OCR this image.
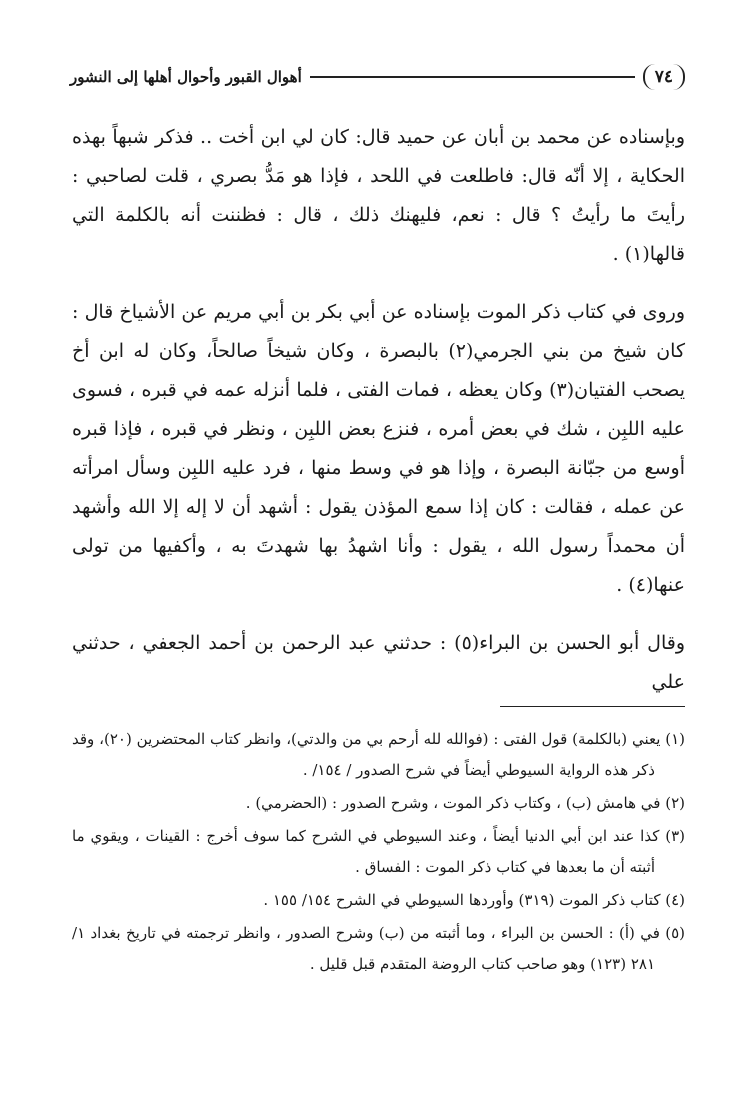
٧٤
أهوال القبور وأحوال أهلها إلى النشور

وبإسناده عن محمد بن أبان عن حميد قال: كان لي ابن أخت .. فذكر شبهاً بهذه الحكاية ، إلا أنّه قال: فاطلعت في اللحد ، فإذا هو مَدُّ بصري ، قلت لصاحبي : رأيتَ ما رأيتُ ؟ قال : نعم، فليهنك ذلك ، قال : فظننت أنه بالكلمة التي قالها(١) .

وروى في كتاب ذكر الموت بإسناده عن أبي بكر بن أبي مريم عن الأشياخ قال : كان شيخ من بني الجرمي(٢) بالبصرة ، وكان شيخاً صالحاً، وكان له ابن أخ يصحب الفتيان(٣) وكان يعظه ، فمات الفتى ، فلما أنزله عمه في قبره ، فسوى عليه اللبِن ، شك في بعض أمره ، فنزع بعض اللبِن ، ونظر في قبره ، فإذا قبره أوسع من جبّانة البصرة ، وإذا هو في وسط منها ، فرد عليه اللبِن وسأل امرأته عن عمله ، فقالت : كان إذا سمع المؤذن يقول : أشهد أن لا إله إلا الله وأشهد أن محمداً رسول الله ، يقول : وأنا اشهدُ بها شهدتَ به ، وأكفيها من تولى عنها(٤) .

وقال أبو الحسن بن البراء(٥) : حدثني عبد الرحمن بن أحمد الجعفي ، حدثني علي

(١) يعني (بالكلمة) قول الفتى : (فوالله لله أرحم بي من والدتي)، وانظر كتاب المحتضرين (٢٠)، وقد ذكر هذه الرواية السيوطي أيضاً في شرح الصدور / ١٥٤/ .

(٢) في هامش (ب) ، وكتاب ذكر الموت ، وشرح الصدور : (الحضرمي) .

(٣) كذا عند ابن أبي الدنيا أيضاً ، وعند السيوطي في الشرح كما سوف أخرج : القينات ، ويقوي ما أثبته أن ما بعدها في كتاب ذكر الموت : الفساق .

(٤) كتاب ذكر الموت (٣١٩) وأوردها السيوطي في الشرح ١٥٤/ ١٥٥ .

(٥) في (أ) : الحسن بن البراء ، وما أثبته من (ب) وشرح الصدور ، وانظر ترجمته في تاريخ بغداد ١/ ٢٨١ (١٢٣) وهو صاحب كتاب الروضة المتقدم قبل قليل .
